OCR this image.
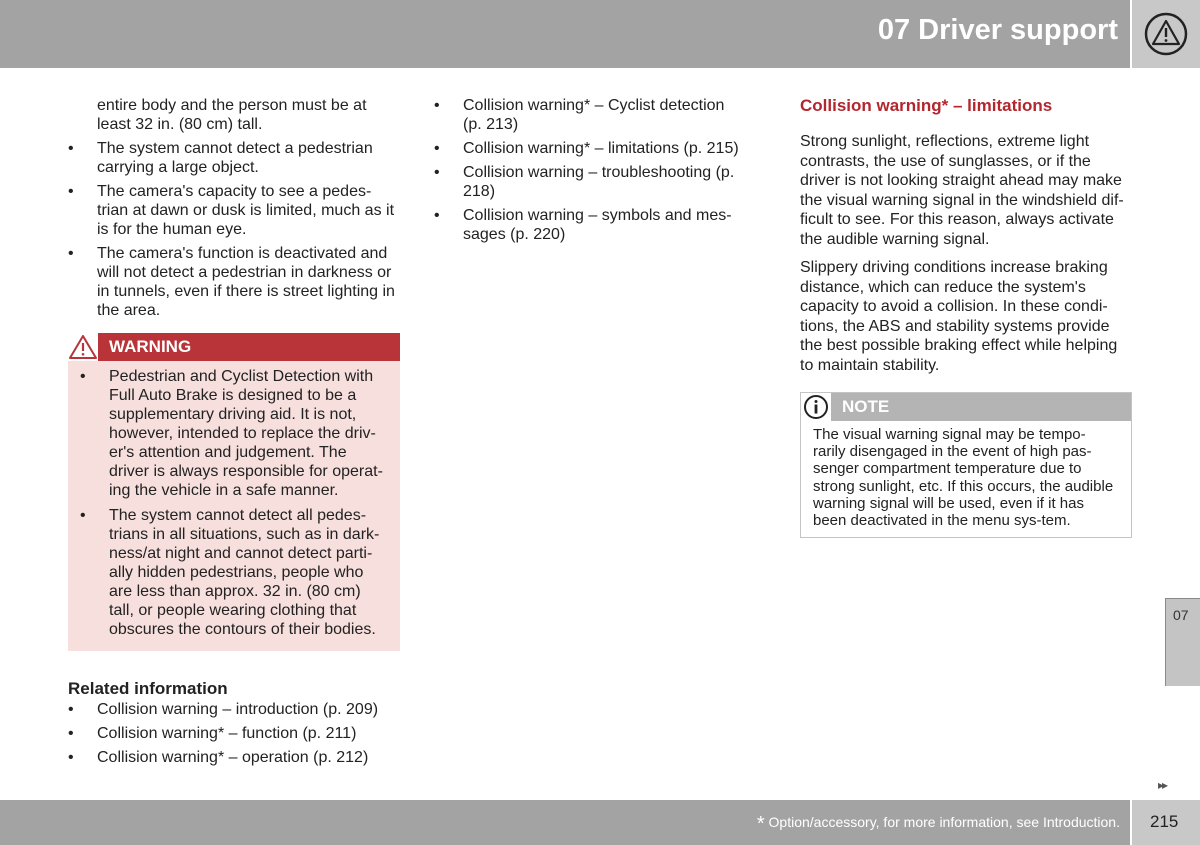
07 Driver support

entire body and the person must be at least 32 in. (80 cm) tall.

• The system cannot detect a pedestrian carrying a large object.
• The camera's capacity to see a pedes-trian at dawn or dusk is limited, much as it is for the human eye.
• The camera's function is deactivated and will not detect a pedestrian in darkness or in tunnels, even if there is street lighting in the area.
WARNING
• Pedestrian and Cyclist Detection with Full Auto Brake is designed to be a supplementary driving aid. It is not, however, intended to replace the driv-er's attention and judgement. The driver is always responsible for operat-ing the vehicle in a safe manner.
• The system cannot detect all pedes-trians in all situations, such as in dark-ness/at night and cannot detect parti-ally hidden pedestrians, people who are less than approx. 32 in. (80 cm) tall, or people wearing clothing that obscures the contours of their bodies.
Related information
• Collision warning – introduction (p. 209)
• Collision warning* – function (p. 211)
• Collision warning* – operation (p. 212)
• Collision warning* – Cyclist detection (p. 213)
• Collision warning* – limitations (p. 215)
• Collision warning – troubleshooting (p. 218)
• Collision warning – symbols and mes-sages (p. 220)
Collision warning* – limitations

Strong sunlight, reflections, extreme light contrasts, the use of sunglasses, or if the driver is not looking straight ahead may make the visual warning signal in the windshield dif-ficult to see. For this reason, always activate the audible warning signal.

Slippery driving conditions increase braking distance, which can reduce the system's capacity to avoid a collision. In these condi-tions, the ABS and stability systems provide the best possible braking effect while helping to maintain stability.

NOTE
The visual warning signal may be tempo-rarily disengaged in the event of high pas-senger compartment temperature due to strong sunlight, etc. If this occurs, the audible warning signal will be used, even if it has been deactivated in the menu sys-tem.
07
▸▸
* Option/accessory, for more information, see Introduction. 215
